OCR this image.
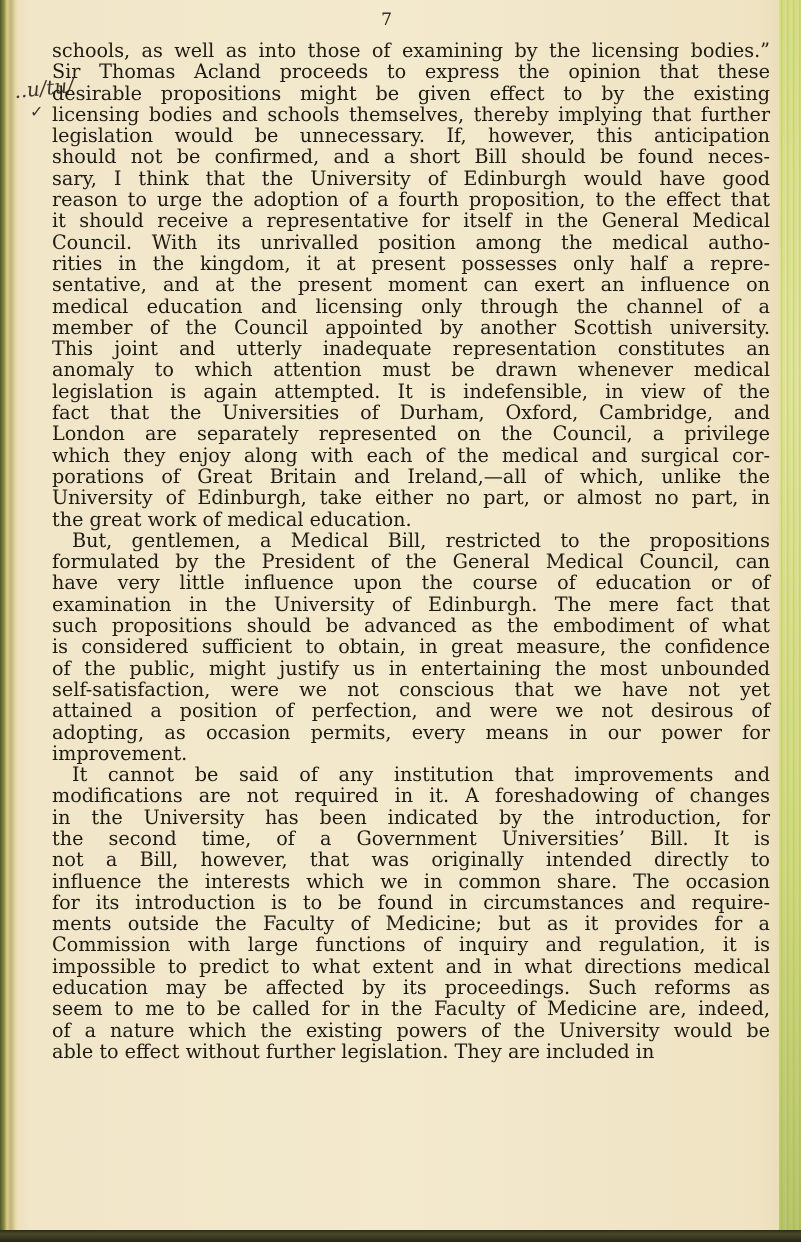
7
..u/tu/
✓
schools, as well as into those of examining by the licensing bodies.”
Sir Thomas Acland proceeds to express the opinion that these
desirable propositions might be given effect to by the existing
licensing bodies and schools themselves, thereby implying that further
legislation would be unnecessary. If, however, this anticipation
should not be confirmed, and a short Bill should be found neces-
sary, I think that the University of Edinburgh would have good
reason to urge the adoption of a fourth proposition, to the effect that
it should receive a representative for itself in the General Medical
Council. With its unrivalled position among the medical autho-
rities in the kingdom, it at present possesses only half a repre-
sentative, and at the present moment can exert an influence on
medical education and licensing only through the channel of a
member of the Council appointed by another Scottish university.
This joint and utterly inadequate representation constitutes an
anomaly to which attention must be drawn whenever medical
legislation is again attempted. It is indefensible, in view of the
fact that the Universities of Durham, Oxford, Cambridge, and
London are separately represented on the Council, a privilege
which they enjoy along with each of the medical and surgical cor-
porations of Great Britain and Ireland,—all of which, unlike the
University of Edinburgh, take either no part, or almost no part, in
the great work of medical education.
But, gentlemen, a Medical Bill, restricted to the propositions
formulated by the President of the General Medical Council, can
have very little influence upon the course of education or of
examination in the University of Edinburgh. The mere fact that
such propositions should be advanced as the embodiment of what
is considered sufficient to obtain, in great measure, the confidence
of the public, might justify us in entertaining the most unbounded
self-satisfaction, were we not conscious that we have not yet
attained a position of perfection, and were we not desirous of
adopting, as occasion permits, every means in our power for
improvement.
It cannot be said of any institution that improvements and
modifications are not required in it. A foreshadowing of changes
in the University has been indicated by the introduction, for
the second time, of a Government Universities’ Bill. It is
not a Bill, however, that was originally intended directly to
influence the interests which we in common share. The occasion
for its introduction is to be found in circumstances and require-
ments outside the Faculty of Medicine; but as it provides for a
Commission with large functions of inquiry and regulation, it is
impossible to predict to what extent and in what directions medical
education may be affected by its proceedings. Such reforms as
seem to me to be called for in the Faculty of Medicine are, indeed,
of a nature which the existing powers of the University would be
able to effect without further legislation. They are included in
